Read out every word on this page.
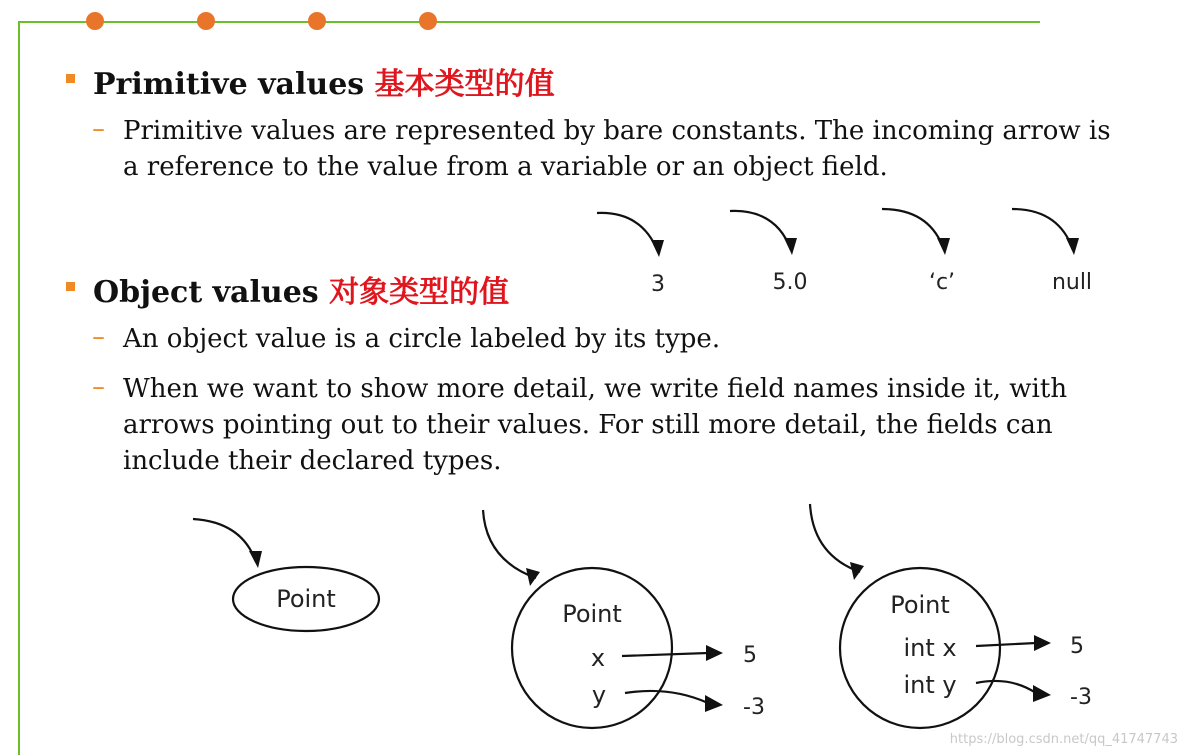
Primitive values 基本类型的值
– Primitive values are represented by bare constants. The incoming arrow is
a reference to the value from a variable or an object field.
3	5.0	‘c’	null
Object values 对象类型的值
– An object value is a circle labeled by its type.
– When we want to show more detail, we write field names inside it, with
arrows pointing out to their values. For still more detail, the fields can
include their declared types.
Point
Point
x
y
5
-3
Point
int x
int y
5
-3
https://blog.csdn.net/qq_41747743
